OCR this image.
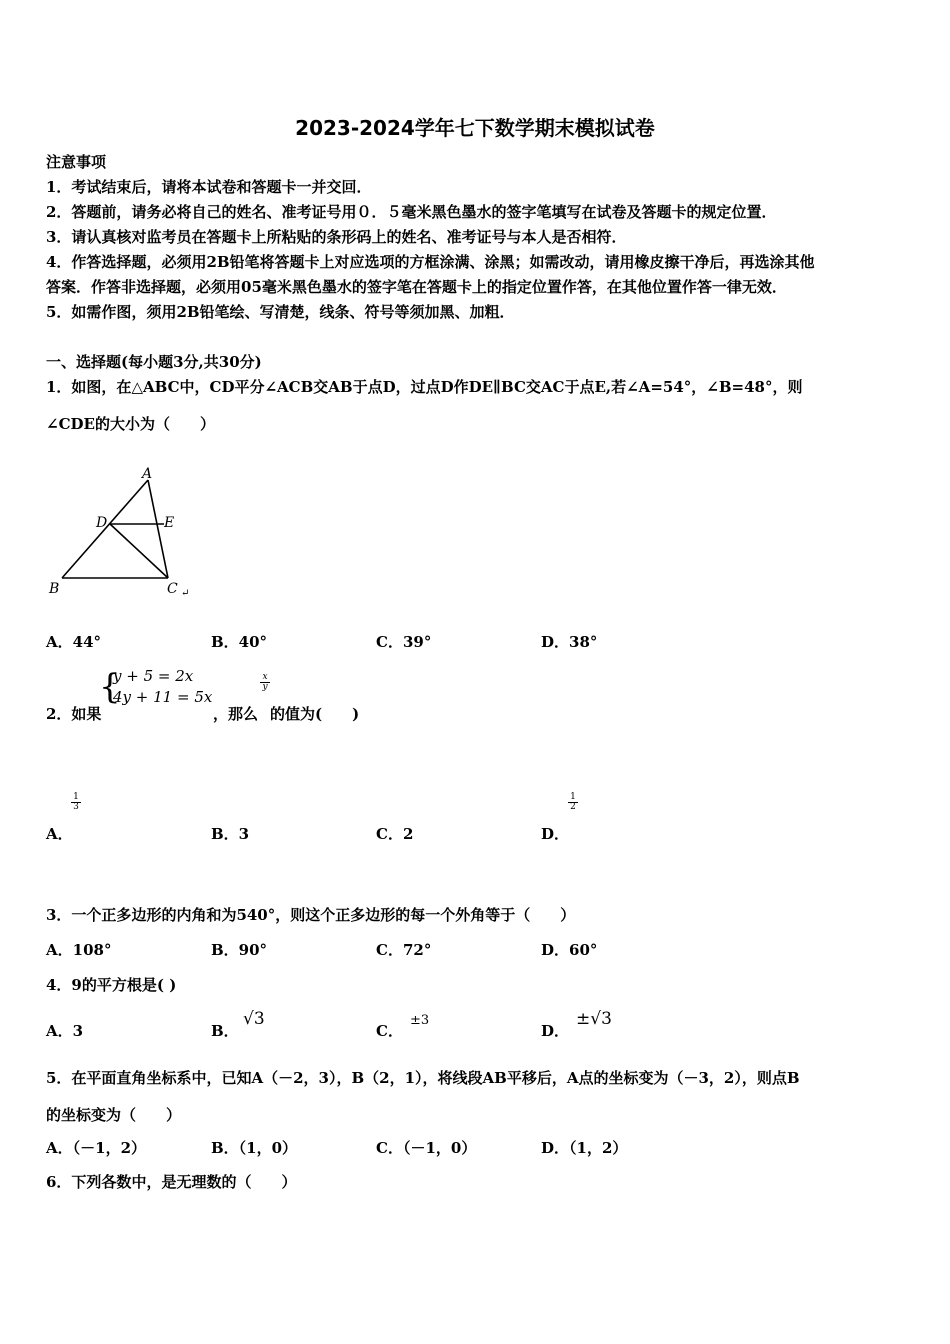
2023-2024学年七下数学期末模拟试卷
注意事项
1．考试结束后，请将本试卷和答题卡一并交回．
2．答题前，请务必将自己的姓名、准考证号用０．５毫米黑色墨水的签字笔填写在试卷及答题卡的规定位置．
3．请认真核对监考员在答题卡上所粘贴的条形码上的姓名、准考证号与本人是否相符．
4．作答选择题，必须用2B铅笔将答题卡上对应选项的方框涂满、涂黑；如需改动，请用橡皮擦干净后，再选涂其他
答案．作答非选择题，必须用05毫米黑色墨水的签字笔在答题卡上的指定位置作答，在其他位置作答一律无效．
5．如需作图，须用2B铅笔绘、写清楚，线条、符号等须加黑、加粗．
一、选择题(每小题3分,共30分)
1．如图，在△ABC中，CD平分∠ACB交AB于点D，过点D作DE∥BC交AC于点E,若∠A=54°，∠B=48°，则
∠CDE的大小为（　　）
A
D	E
B	C ↵
A．44°	B．40°	C．39°	D．38°
{
y + 5 = 2x
4y + 11 = 5x
$\frac{x}{y}$
2．如果	，那么 的值为(　　)
$\frac{1}{3}$
A．	B．3	C．2
$\frac{1}{2}$
D．
3．一个正多边形的内角和为540°，则这个正多边形的每一个外角等于（　　）
A．108°	B．90°	C．72°	D．60°
4．9的平方根是( )
A．3	B．
√3
C．
±3
D．
±√3
5．在平面直角坐标系中，已知A（－2，3），B（2，1），将线段AB平移后，A点的坐标变为（－3，2），则点B
的坐标变为（　　）
A．（－1，2）	B．（1，0）	C．（－1，0）	D．（1，2）
6．下列各数中，是无理数的（　　）
